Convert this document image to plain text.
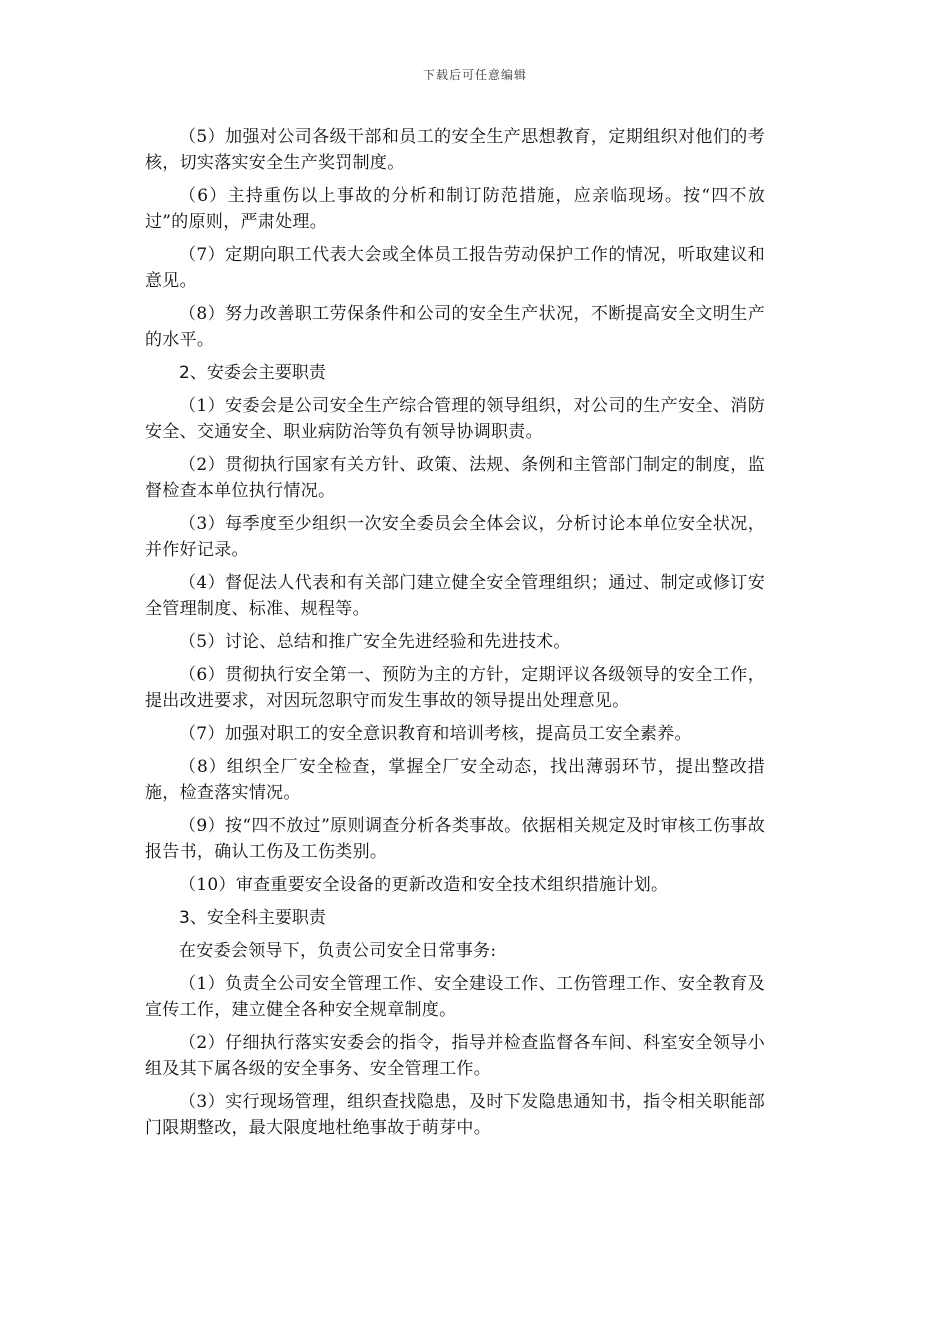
下载后可任意编辑

（5）加强对公司各级干部和员工的安全生产思想教育，定期组织对他们的考核，切实落实安全生产奖罚制度。

（6）主持重伤以上事故的分析和制订防范措施，应亲临现场。按“四不放过”的原则，严肃处理。

（7）定期向职工代表大会或全体员工报告劳动保护工作的情况，听取建议和意见。

（8）努力改善职工劳保条件和公司的安全生产状况，不断提高安全文明生产的水平。

2、安委会主要职责

（1）安委会是公司安全生产综合管理的领导组织，对公司的生产安全、消防安全、交通安全、职业病防治等负有领导协调职责。

（2）贯彻执行国家有关方针、政策、法规、条例和主管部门制定的制度，监督检查本单位执行情况。

（3）每季度至少组织一次安全委员会全体会议，分析讨论本单位安全状况，并作好记录。

（4）督促法人代表和有关部门建立健全安全管理组织；通过、制定或修订安全管理制度、标准、规程等。

（5）讨论、总结和推广安全先进经验和先进技术。

（6）贯彻执行安全第一、预防为主的方针，定期评议各级领导的安全工作，提出改进要求，对因玩忽职守而发生事故的领导提出处理意见。

（7）加强对职工的安全意识教育和培训考核，提高员工安全素养。

（8）组织全厂安全检查，掌握全厂安全动态，找出薄弱环节，提出整改措施，检查落实情况。

（9）按“四不放过”原则调查分析各类事故。依据相关规定及时审核工伤事故报告书，确认工伤及工伤类别。

（10）审查重要安全设备的更新改造和安全技术组织措施计划。

3、安全科主要职责

在安委会领导下，负责公司安全日常事务:

（1）负责全公司安全管理工作、安全建设工作、工伤管理工作、安全教育及宣传工作，建立健全各种安全规章制度。

（2）仔细执行落实安委会的指令，指导并检查监督各车间、科室安全领导小组及其下属各级的安全事务、安全管理工作。

（3）实行现场管理，组织查找隐患，及时下发隐患通知书，指令相关职能部门限期整改，最大限度地杜绝事故于萌芽中。
